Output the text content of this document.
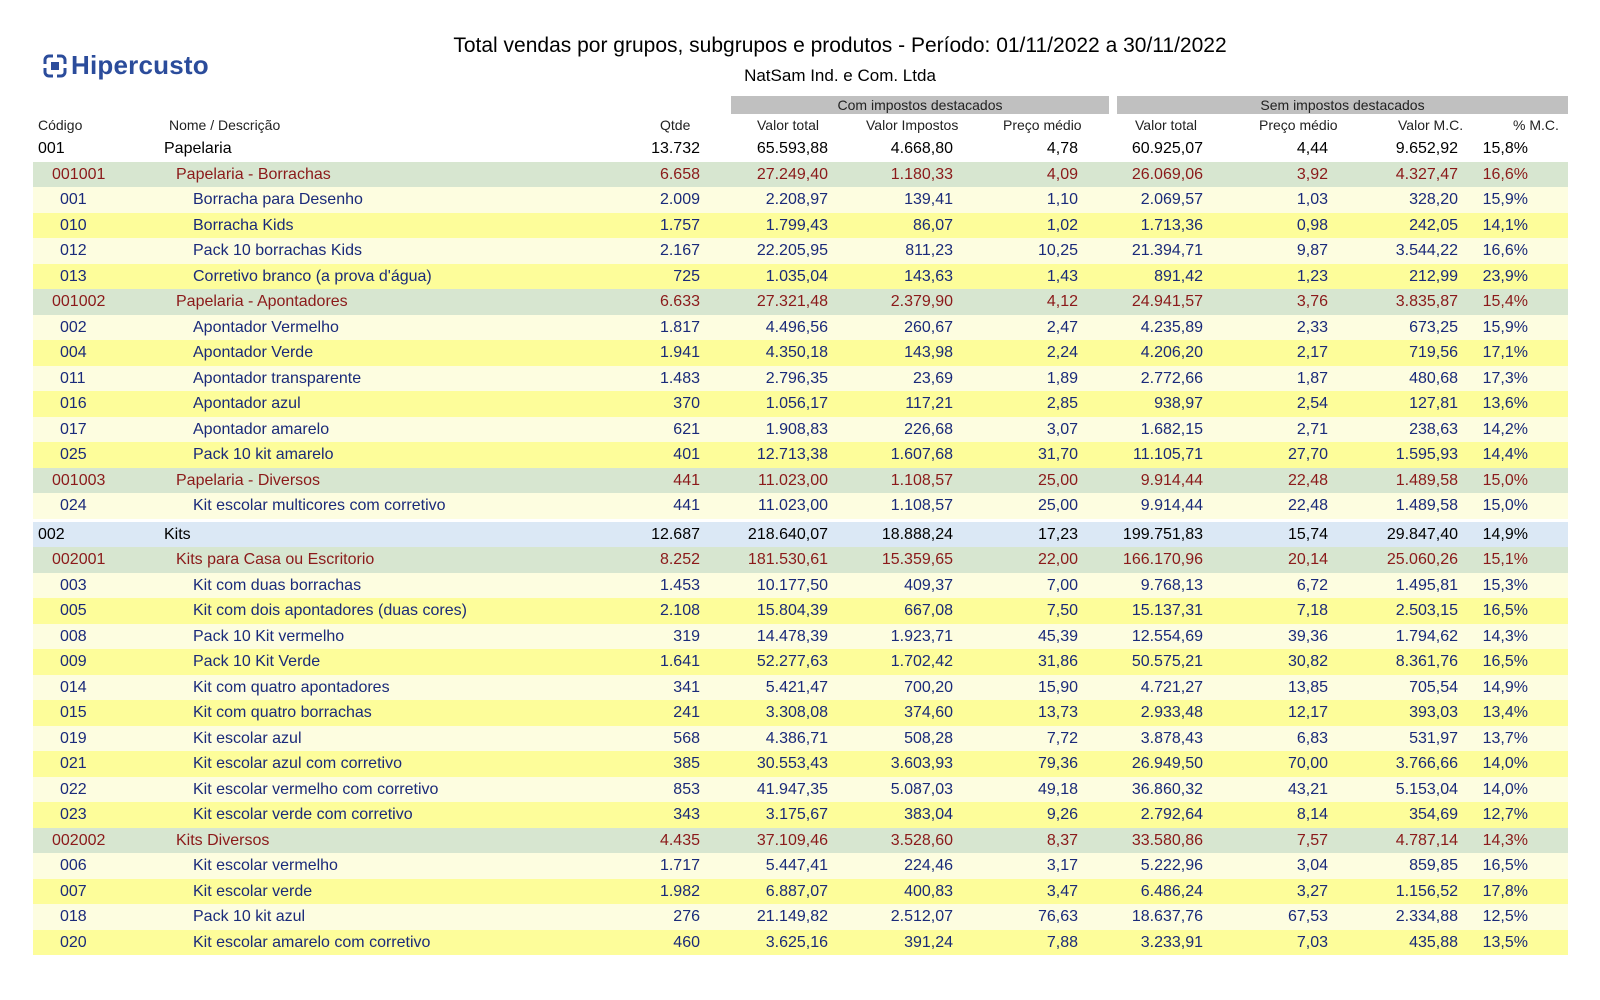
Hipercusto
Total vendas por grupos, subgrupos e produtos - Período: 01/11/2022 a 30/11/2022
NatSam Ind. e Com. Ltda
Com impostos destacados	Sem impostos destacados
Código	Nome / Descrição	Qtde	Valor total	Valor Impostos	Preço médio	Valor total	Preço médio	Valor M.C.	% M.C.
001	Papelaria	13.732	65.593,88	4.668,80	4,78	60.925,07	4,44	9.652,92 15,8%
001001	Papelaria - Borrachas	6.658	27.249,40	1.180,33	4,09	26.069,06	3,92	4.327,47 16,6%
001	Borracha para Desenho	2.009	2.208,97	139,41	1,10	2.069,57	1,03	328,20 15,9%
010	Borracha Kids	1.757	1.799,43	86,07	1,02	1.713,36	0,98	242,05 14,1%
012	Pack 10 borrachas Kids	2.167	22.205,95	811,23	10,25	21.394,71	9,87	3.544,22 16,6%
013	Corretivo branco (a prova d'água)	725	1.035,04	143,63	1,43	891,42	1,23	212,99 23,9%
001002	Papelaria - Apontadores	6.633	27.321,48	2.379,90	4,12	24.941,57	3,76	3.835,87 15,4%
002	Apontador Vermelho	1.817	4.496,56	260,67	2,47	4.235,89	2,33	673,25 15,9%
004	Apontador Verde	1.941	4.350,18	143,98	2,24	4.206,20	2,17	719,56 17,1%
011	Apontador transparente	1.483	2.796,35	23,69	1,89	2.772,66	1,87	480,68 17,3%
016	Apontador azul	370	1.056,17	117,21	2,85	938,97	2,54	127,81 13,6%
017	Apontador amarelo	621	1.908,83	226,68	3,07	1.682,15	2,71	238,63 14,2%
025	Pack 10 kit amarelo	401	12.713,38	1.607,68	31,70	11.105,71	27,70	1.595,93 14,4%
001003	Papelaria - Diversos	441	11.023,00	1.108,57	25,00	9.914,44	22,48	1.489,58 15,0%
024	Kit escolar multicores com corretivo	441	11.023,00	1.108,57	25,00	9.914,44	22,48	1.489,58 15,0%
002	Kits	12.687	218.640,07	18.888,24	17,23	199.751,83	15,74	29.847,40 14,9%
002001	Kits para Casa ou Escritorio	8.252	181.530,61	15.359,65	22,00	166.170,96	20,14	25.060,26 15,1%
003	Kit com duas borrachas	1.453	10.177,50	409,37	7,00	9.768,13	6,72	1.495,81 15,3%
005	Kit com dois apontadores (duas cores)	2.108	15.804,39	667,08	7,50	15.137,31	7,18	2.503,15 16,5%
008	Pack 10 Kit vermelho	319	14.478,39	1.923,71	45,39	12.554,69	39,36	1.794,62 14,3%
009	Pack 10 Kit Verde	1.641	52.277,63	1.702,42	31,86	50.575,21	30,82	8.361,76 16,5%
014	Kit com quatro apontadores	341	5.421,47	700,20	15,90	4.721,27	13,85	705,54 14,9%
015	Kit com quatro borrachas	241	3.308,08	374,60	13,73	2.933,48	12,17	393,03 13,4%
019	Kit escolar azul	568	4.386,71	508,28	7,72	3.878,43	6,83	531,97 13,7%
021	Kit escolar azul com corretivo	385	30.553,43	3.603,93	79,36	26.949,50	70,00	3.766,66 14,0%
022	Kit escolar vermelho com corretivo	853	41.947,35	5.087,03	49,18	36.860,32	43,21	5.153,04 14,0%
023	Kit escolar verde com corretivo	343	3.175,67	383,04	9,26	2.792,64	8,14	354,69 12,7%
002002	Kits Diversos	4.435	37.109,46	3.528,60	8,37	33.580,86	7,57	4.787,14 14,3%
006	Kit escolar vermelho	1.717	5.447,41	224,46	3,17	5.222,96	3,04	859,85 16,5%
007	Kit escolar verde	1.982	6.887,07	400,83	3,47	6.486,24	3,27	1.156,52 17,8%
018	Pack 10 kit azul	276	21.149,82	2.512,07	76,63	18.637,76	67,53	2.334,88 12,5%
020	Kit escolar amarelo com corretivo	460	3.625,16	391,24	7,88	3.233,91	7,03	435,88 13,5%
